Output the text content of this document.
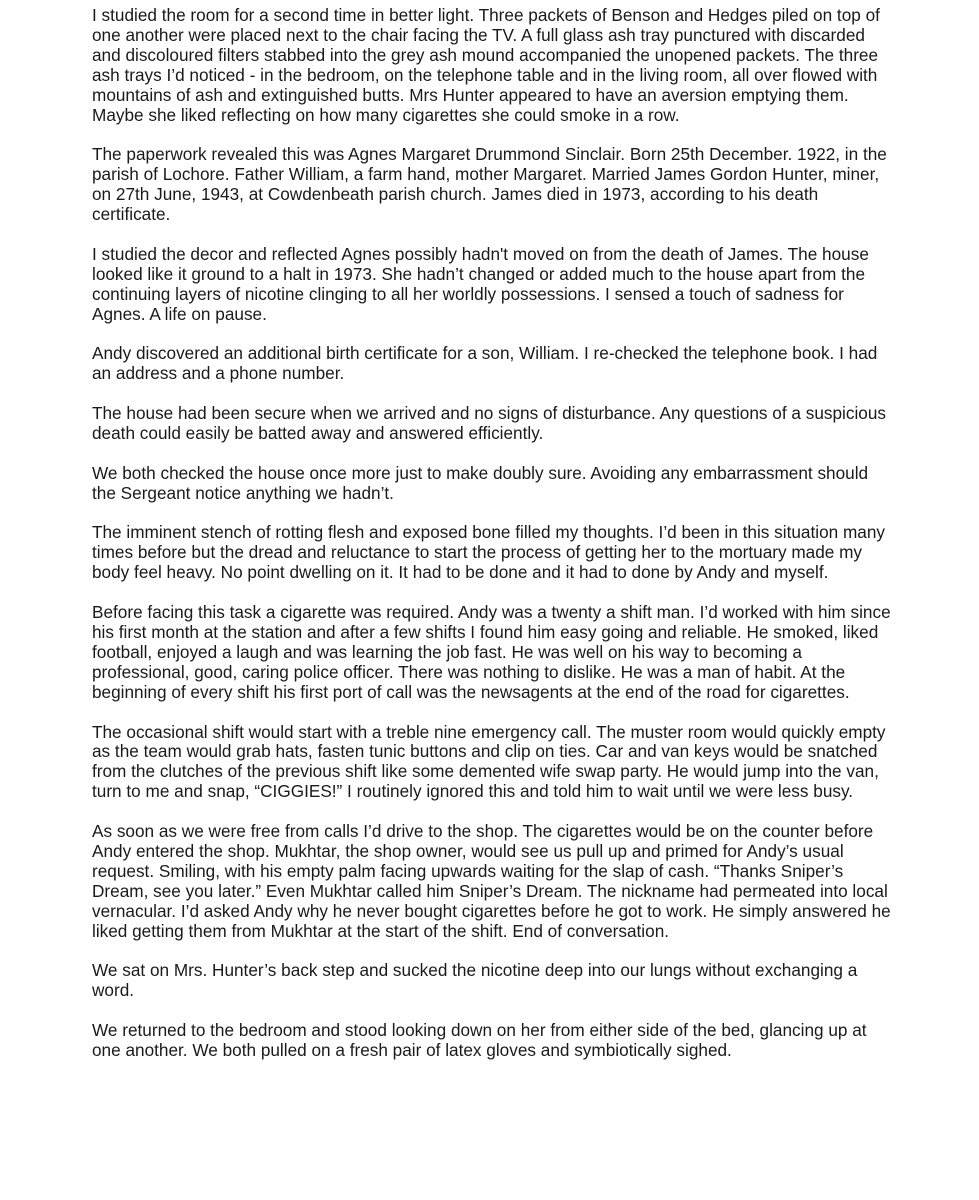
I studied the room for a second time in better light. Three packets of Benson and Hedges piled on top of one another were placed next to the chair facing the TV. A full glass ash tray punctured with discarded and discoloured filters stabbed into the grey ash mound accompanied the unopened packets. The three ash trays I’d noticed - in the bedroom, on the telephone table and in the living room, all over flowed with mountains of ash and extinguished butts. Mrs Hunter appeared to have an aversion emptying them. Maybe she liked reflecting on how many cigarettes she could smoke in a row.

The paperwork revealed this was Agnes Margaret Drummond Sinclair. Born 25th December. 1922, in the parish of Lochore. Father William, a farm hand, mother Margaret. Married James Gordon Hunter, miner, on 27th June, 1943, at Cowdenbeath parish church. James died in 1973, according to his death certificate.

I studied the decor and reflected Agnes possibly hadn't moved on from the death of James. The house looked like it ground to a halt in 1973. She hadn’t changed or added much to the house apart from the continuing layers of nicotine clinging to all her worldly possessions. I sensed a touch of sadness for Agnes. A life on pause.

Andy discovered an additional birth certificate for a son, William. I re-checked the telephone book. I had an address and a phone number.

The house had been secure when we arrived and no signs of disturbance. Any questions of a suspicious death could easily be batted away and answered efficiently.

We both checked the house once more just to make doubly sure. Avoiding any embarrassment should the Sergeant notice anything we hadn’t.

The imminent stench of rotting flesh and exposed bone filled my thoughts. I’d been in this situation many times before but the dread and reluctance to start the process of getting her to the mortuary made my body feel heavy. No point dwelling on it. It had to be done and it had to done by Andy and myself.

Before facing this task a cigarette was required. Andy was a twenty a shift man. I’d worked with him since his first month at the station and after a few shifts I found him easy going and reliable. He smoked, liked football, enjoyed a laugh and was learning the job fast. He was well on his way to becoming a professional, good, caring police officer. There was nothing to dislike. He was a man of habit. At the beginning of every shift his first port of call was the newsagents at the end of the road for cigarettes.

The occasional shift would start with a treble nine emergency call. The muster room would quickly empty as the team would grab hats, fasten tunic buttons and clip on ties. Car and van keys would be snatched from the clutches of the previous shift like some demented wife swap party. He would jump into the van, turn to me and snap, “CIGGIES!” I routinely ignored this and told him to wait until we were less busy.

As soon as we were free from calls I’d drive to the shop. The cigarettes would be on the counter before Andy entered the shop. Mukhtar, the shop owner, would see us pull up and primed for Andy’s usual request. Smiling, with his empty palm facing upwards waiting for the slap of cash. “Thanks Sniper’s Dream, see you later.” Even Mukhtar called him Sniper’s Dream. The nickname had permeated into local vernacular. I’d asked Andy why he never bought cigarettes before he got to work. He simply answered he liked getting them from Mukhtar at the start of the shift. End of conversation.

We sat on Mrs. Hunter’s back step and sucked the nicotine deep into our lungs without exchanging a word.

We returned to the bedroom and stood looking down on her from either side of the bed, glancing up at one another. We both pulled on a fresh pair of latex gloves and symbiotically sighed.
